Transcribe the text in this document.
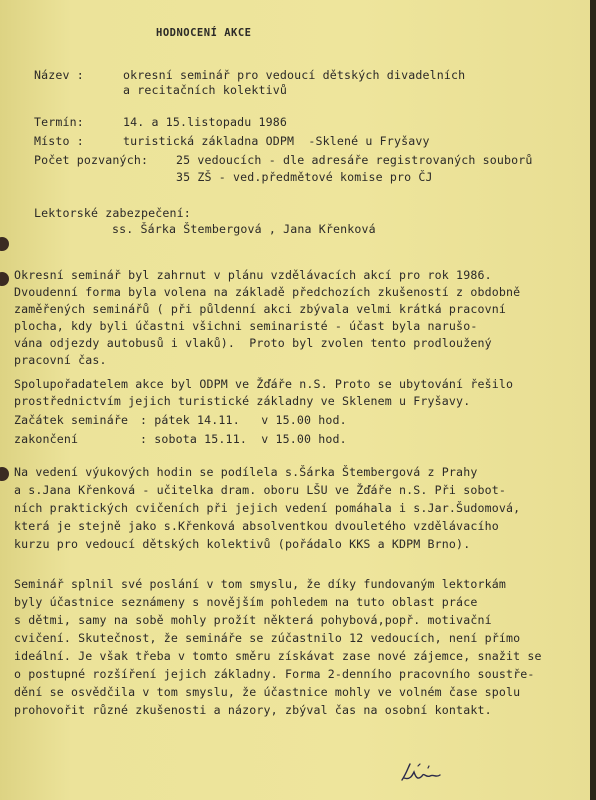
HODNOCENÍ AKCE
Název :	okresní seminář pro vedoucí dětských divadelních
a recitačních kolektivů
Termín:	14. a 15.listopadu 1986
Místo :	turistická základna ODPM  -Sklené u Fryšavy
Počet pozvaných: 25 vedoucích - dle adresáře registrovaných souborů
35 ZŠ - ved.předmětové komise pro ČJ
Lektorské zabezpečení:
ss. Šárka Štembergová , Jana Křenková
Okresní seminář byl zahrnut v plánu vzdělávacích akcí pro rok 1986.
Dvoudenní forma byla volena na základě předchozích zkušeností z obdobně
zaměřených seminářů ( při půldenní akci zbývala velmi krátká pracovní
plocha, kdy byli účastni všichni seminaristé - účast byla narušo-
vána odjezdy autobusů i vlaků).  Proto byl zvolen tento prodloužený
pracovní čas.
Spolupořadatelem akce byl ODPM ve Žďáře n.S. Proto se ubytování řešilo
prostřednictvím jejich turistické základny ve Sklenem u Fryšavy.
Začátek semináře : pátek 14.11.   v 15.00 hod.
zakončení	: sobota 15.11.  v 15.00 hod.
Na vedení výukových hodin se podílela s.Šárka Štembergová z Prahy
a s.Jana Křenková - učitelka dram. oboru LŠU ve Žďáře n.S. Při sobot-
ních praktických cvičeních při jejich vedení pomáhala i s.Jar.Šudomová,
která je stejně jako s.Křenková absolventkou dvouletého vzdělávacího
kurzu pro vedoucí dětských kolektivů (pořádalo KKS a KDPM Brno).
Seminář splnil své poslání v tom smyslu, že díky fundovaným lektorkám
byly účastnice seznámeny s novějším pohledem na tuto oblast práce
s dětmi, samy na sobě mohly prožít některá pohybová,popř. motivační
cvičení. Skutečnost, že semináře se zúčastnilo 12 vedoucích, není přímo
ideální. Je však třeba v tomto směru získávat zase nové zájemce, snažit se
o postupné rozšíření jejich základny. Forma 2-denního pracovního soustře-
dění se osvědčila v tom smyslu, že účastnice mohly ve volném čase spolu
prohovořit různé zkušenosti a názory, zbýval čas na osobní kontakt.
